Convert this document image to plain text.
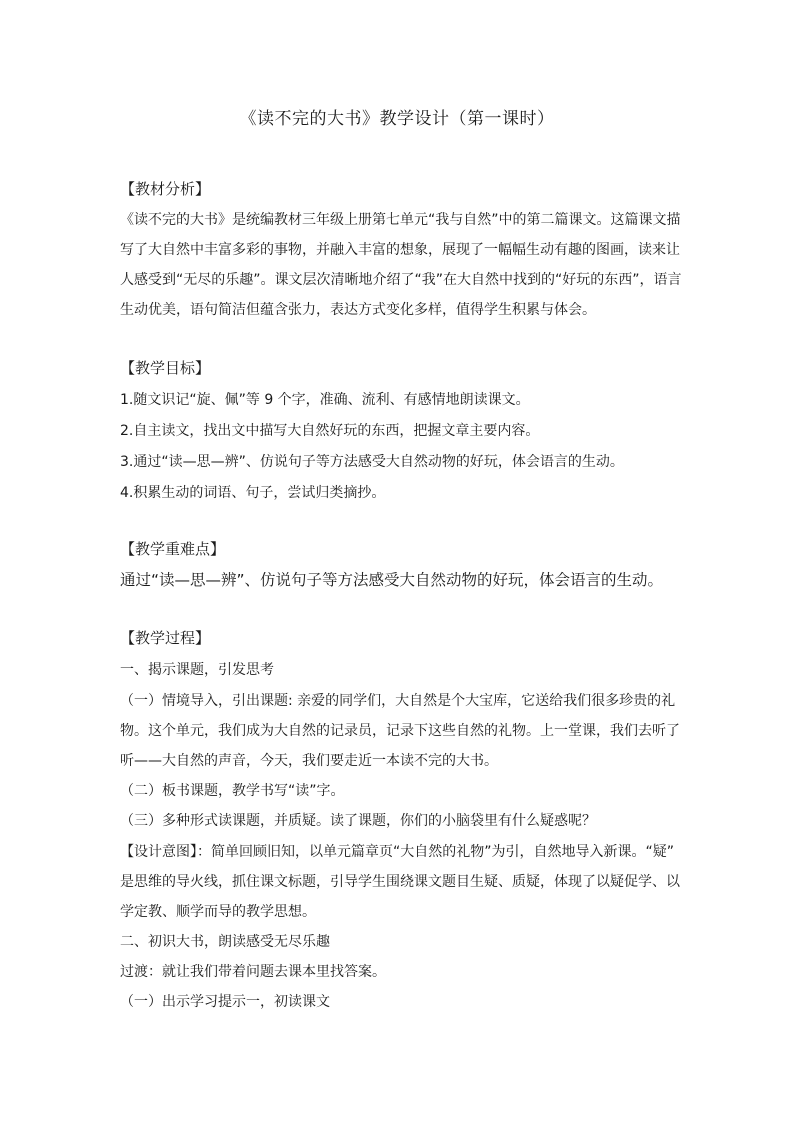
《读不完的大书》教学设计（第一课时）
【教材分析】
《读不完的大书》是统编教材三年级上册第七单元“我与自然”中的第二篇课文。这篇课文描
写了大自然中丰富多彩的事物，并融入丰富的想象，展现了一幅幅生动有趣的图画，读来让
人感受到“无尽的乐趣”。课文层次清晰地介绍了“我”在大自然中找到的“好玩的东西”，语言
生动优美，语句简洁但蕴含张力，表达方式变化多样，值得学生积累与体会。
【教学目标】
1.随文识记“旋、佩”等 9 个字，准确、流利、有感情地朗读课文。
2.自主读文，找出文中描写大自然好玩的东西，把握文章主要内容。
3.通过“读—思—辨”、仿说句子等方法感受大自然动物的好玩，体会语言的生动。
4.积累生动的词语、句子，尝试归类摘抄。
【教学重难点】
通过“读—思—辨”、仿说句子等方法感受大自然动物的好玩，体会语言的生动。
【教学过程】
一、揭示课题，引发思考
（一）情境导入，引出课题: 亲爱的同学们，大自然是个大宝库，它送给我们很多珍贵的礼
物。这个单元，我们成为大自然的记录员，记录下这些自然的礼物。上一堂课，我们去听了
听——大自然的声音，今天，我们要走近一本读不完的大书。
（二）板书课题，教学书写“读”字。
（三）多种形式读课题，并质疑。读了课题，你们的小脑袋里有什么疑惑呢？
【设计意图】：简单回顾旧知，以单元篇章页“大自然的礼物”为引，自然地导入新课。“疑”
是思维的导火线，抓住课文标题，引导学生围绕课文题目生疑、质疑，体现了以疑促学、以
学定教、顺学而导的教学思想。
二、初识大书，朗读感受无尽乐趣
过渡：就让我们带着问题去课本里找答案。
（一）出示学习提示一，初读课文
